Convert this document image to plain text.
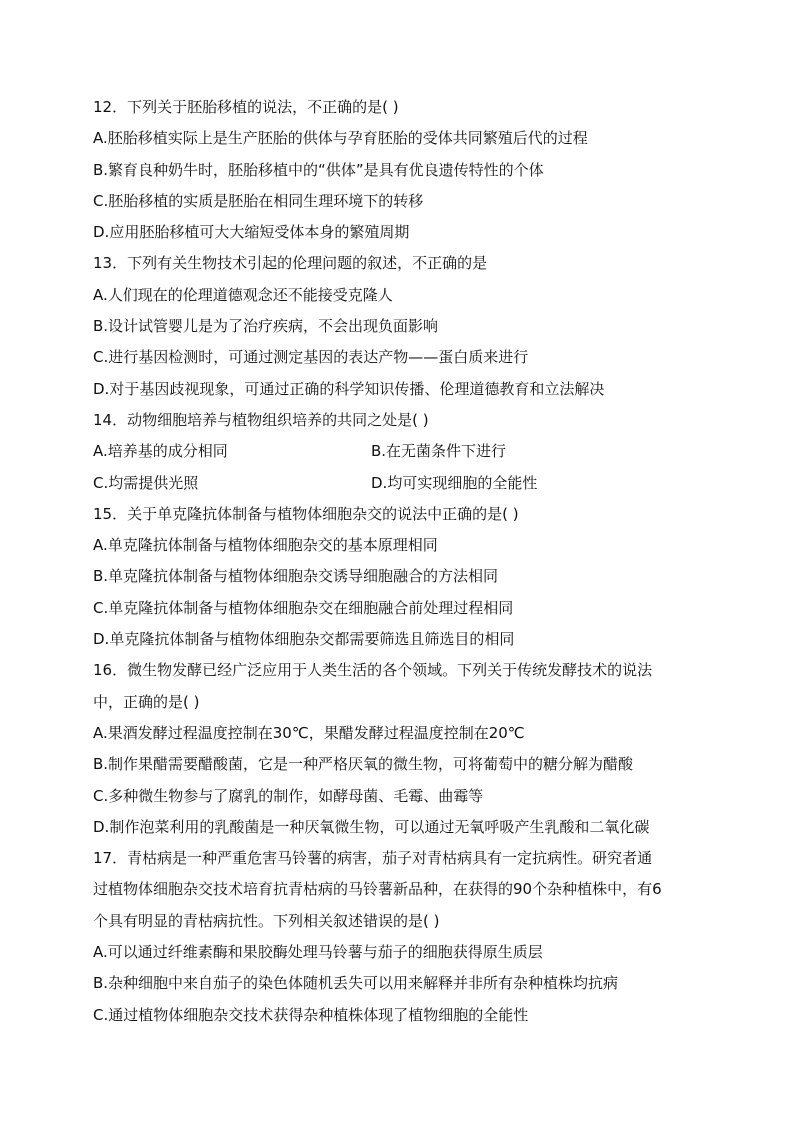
12．下列关于胚胎移植的说法，不正确的是( )
A.胚胎移植实际上是生产胚胎的供体与孕育胚胎的受体共同繁殖后代的过程
B.繁育良种奶牛时，胚胎移植中的“供体”是具有优良遗传特性的个体
C.胚胎移植的实质是胚胎在相同生理环境下的转移
D.应用胚胎移植可大大缩短受体本身的繁殖周期
13．下列有关生物技术引起的伦理问题的叙述，不正确的是
A.人们现在的伦理道德观念还不能接受克隆人
B.设计试管婴儿是为了治疗疾病，不会出现负面影响
C.进行基因检测时，可通过测定基因的表达产物——蛋白质来进行
D.对于基因歧视现象，可通过正确的科学知识传播、伦理道德教育和立法解决
14．动物细胞培养与植物组织培养的共同之处是( )
A.培养基的成分相同	B.在无菌条件下进行
C.均需提供光照	D.均可实现细胞的全能性
15．关于单克隆抗体制备与植物体细胞杂交的说法中正确的是( )
A.单克隆抗体制备与植物体细胞杂交的基本原理相同
B.单克隆抗体制备与植物体细胞杂交诱导细胞融合的方法相同
C.单克隆抗体制备与植物体细胞杂交在细胞融合前处理过程相同
D.单克隆抗体制备与植物体细胞杂交都需要筛选且筛选目的相同
16．微生物发酵已经广泛应用于人类生活的各个领域。下列关于传统发酵技术的说法
中，正确的是( )
A.果酒发酵过程温度控制在30℃，果醋发酵过程温度控制在20℃
B.制作果醋需要醋酸菌，它是一种严格厌氧的微生物，可将葡萄中的糖分解为醋酸
C.多种微生物参与了腐乳的制作，如酵母菌、毛霉、曲霉等
D.制作泡菜利用的乳酸菌是一种厌氧微生物，可以通过无氧呼吸产生乳酸和二氧化碳
17．青枯病是一种严重危害马铃薯的病害，茄子对青枯病具有一定抗病性。研究者通
过植物体细胞杂交技术培育抗青枯病的马铃薯新品种，在获得的90个杂种植株中，有6
个具有明显的青枯病抗性。下列相关叙述错误的是( )
A.可以通过纤维素酶和果胶酶处理马铃薯与茄子的细胞获得原生质层
B.杂种细胞中来自茄子的染色体随机丢失可以用来解释并非所有杂种植株均抗病
C.通过植物体细胞杂交技术获得杂种植株体现了植物细胞的全能性
